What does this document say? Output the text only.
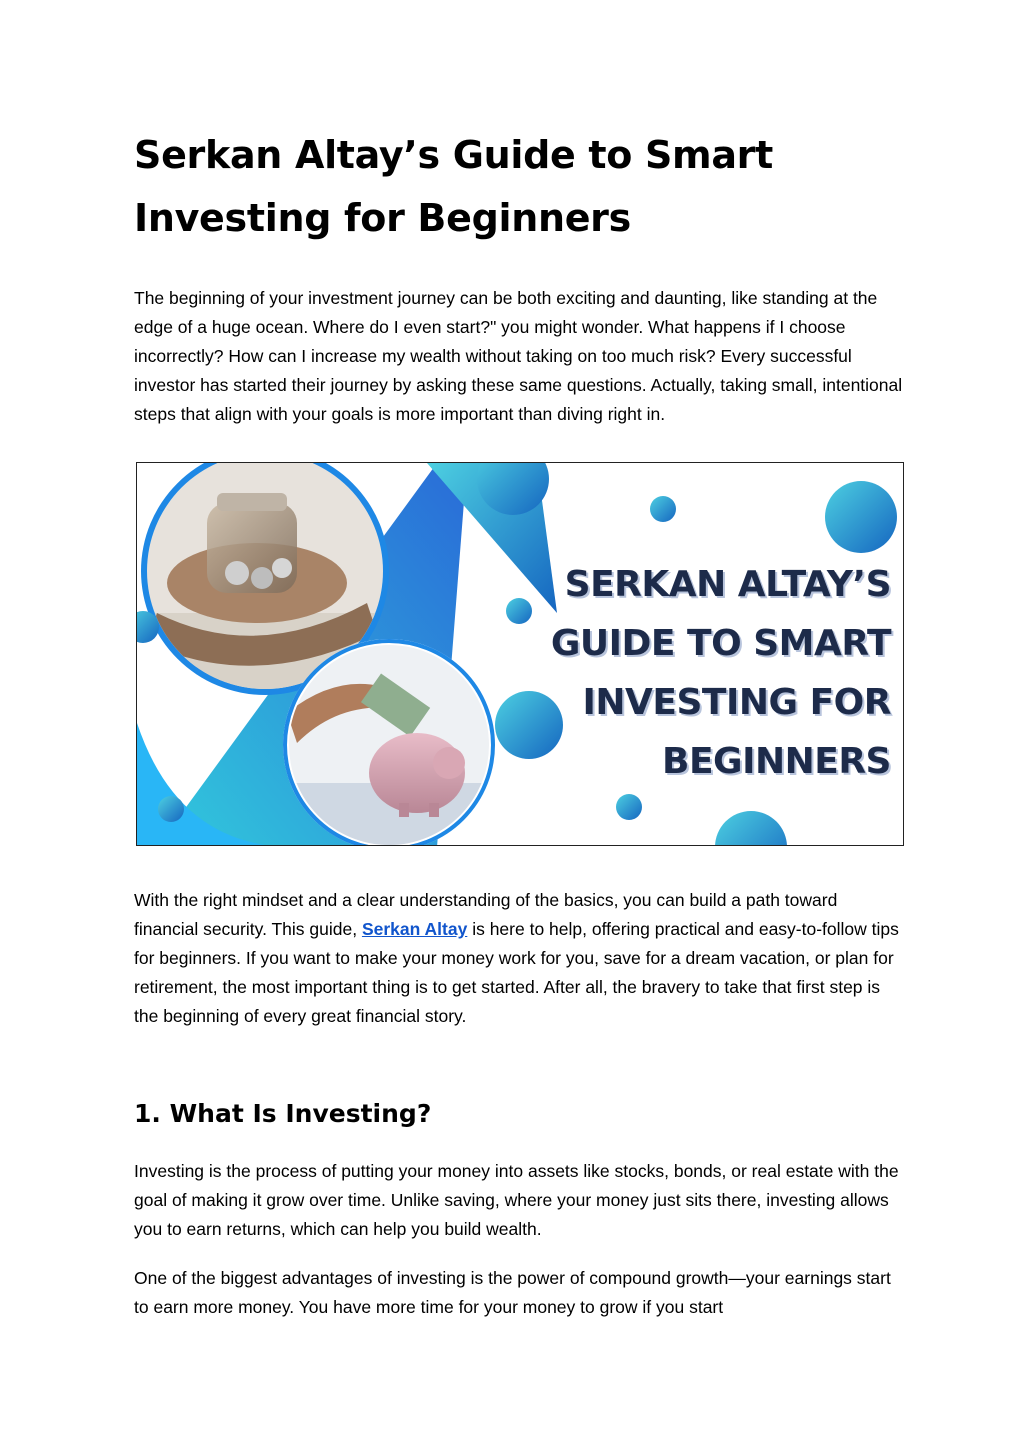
Serkan Altay’s Guide to Smart Investing for Beginners

The beginning of your investment journey can be both exciting and daunting, like standing at the edge of a huge ocean. Where do I even start?" you might wonder. What happens if I choose incorrectly? How can I increase my wealth without taking on too much risk? Every successful investor has started their journey by asking these same questions. Actually, taking small, intentional steps that align with your goals is more important than diving right in.

SERKAN ALTAY’S
GUIDE TO SMART
INVESTING FOR
BEGINNERS

With the right mindset and a clear understanding of the basics, you can build a path toward financial security. This guide, Serkan Altay is here to help, offering practical and easy-to-follow tips for beginners. If you want to make your money work for you, save for a dream vacation, or plan for retirement, the most important thing is to get started. After all, the bravery to take that first step is the beginning of every great financial story.

1. What Is Investing?

Investing is the process of putting your money into assets like stocks, bonds, or real estate with the goal of making it grow over time. Unlike saving, where your money just sits there, investing allows you to earn returns, which can help you build wealth.

One of the biggest advantages of investing is the power of compound growth—your earnings start to earn more money. You have more time for your money to grow if you start
